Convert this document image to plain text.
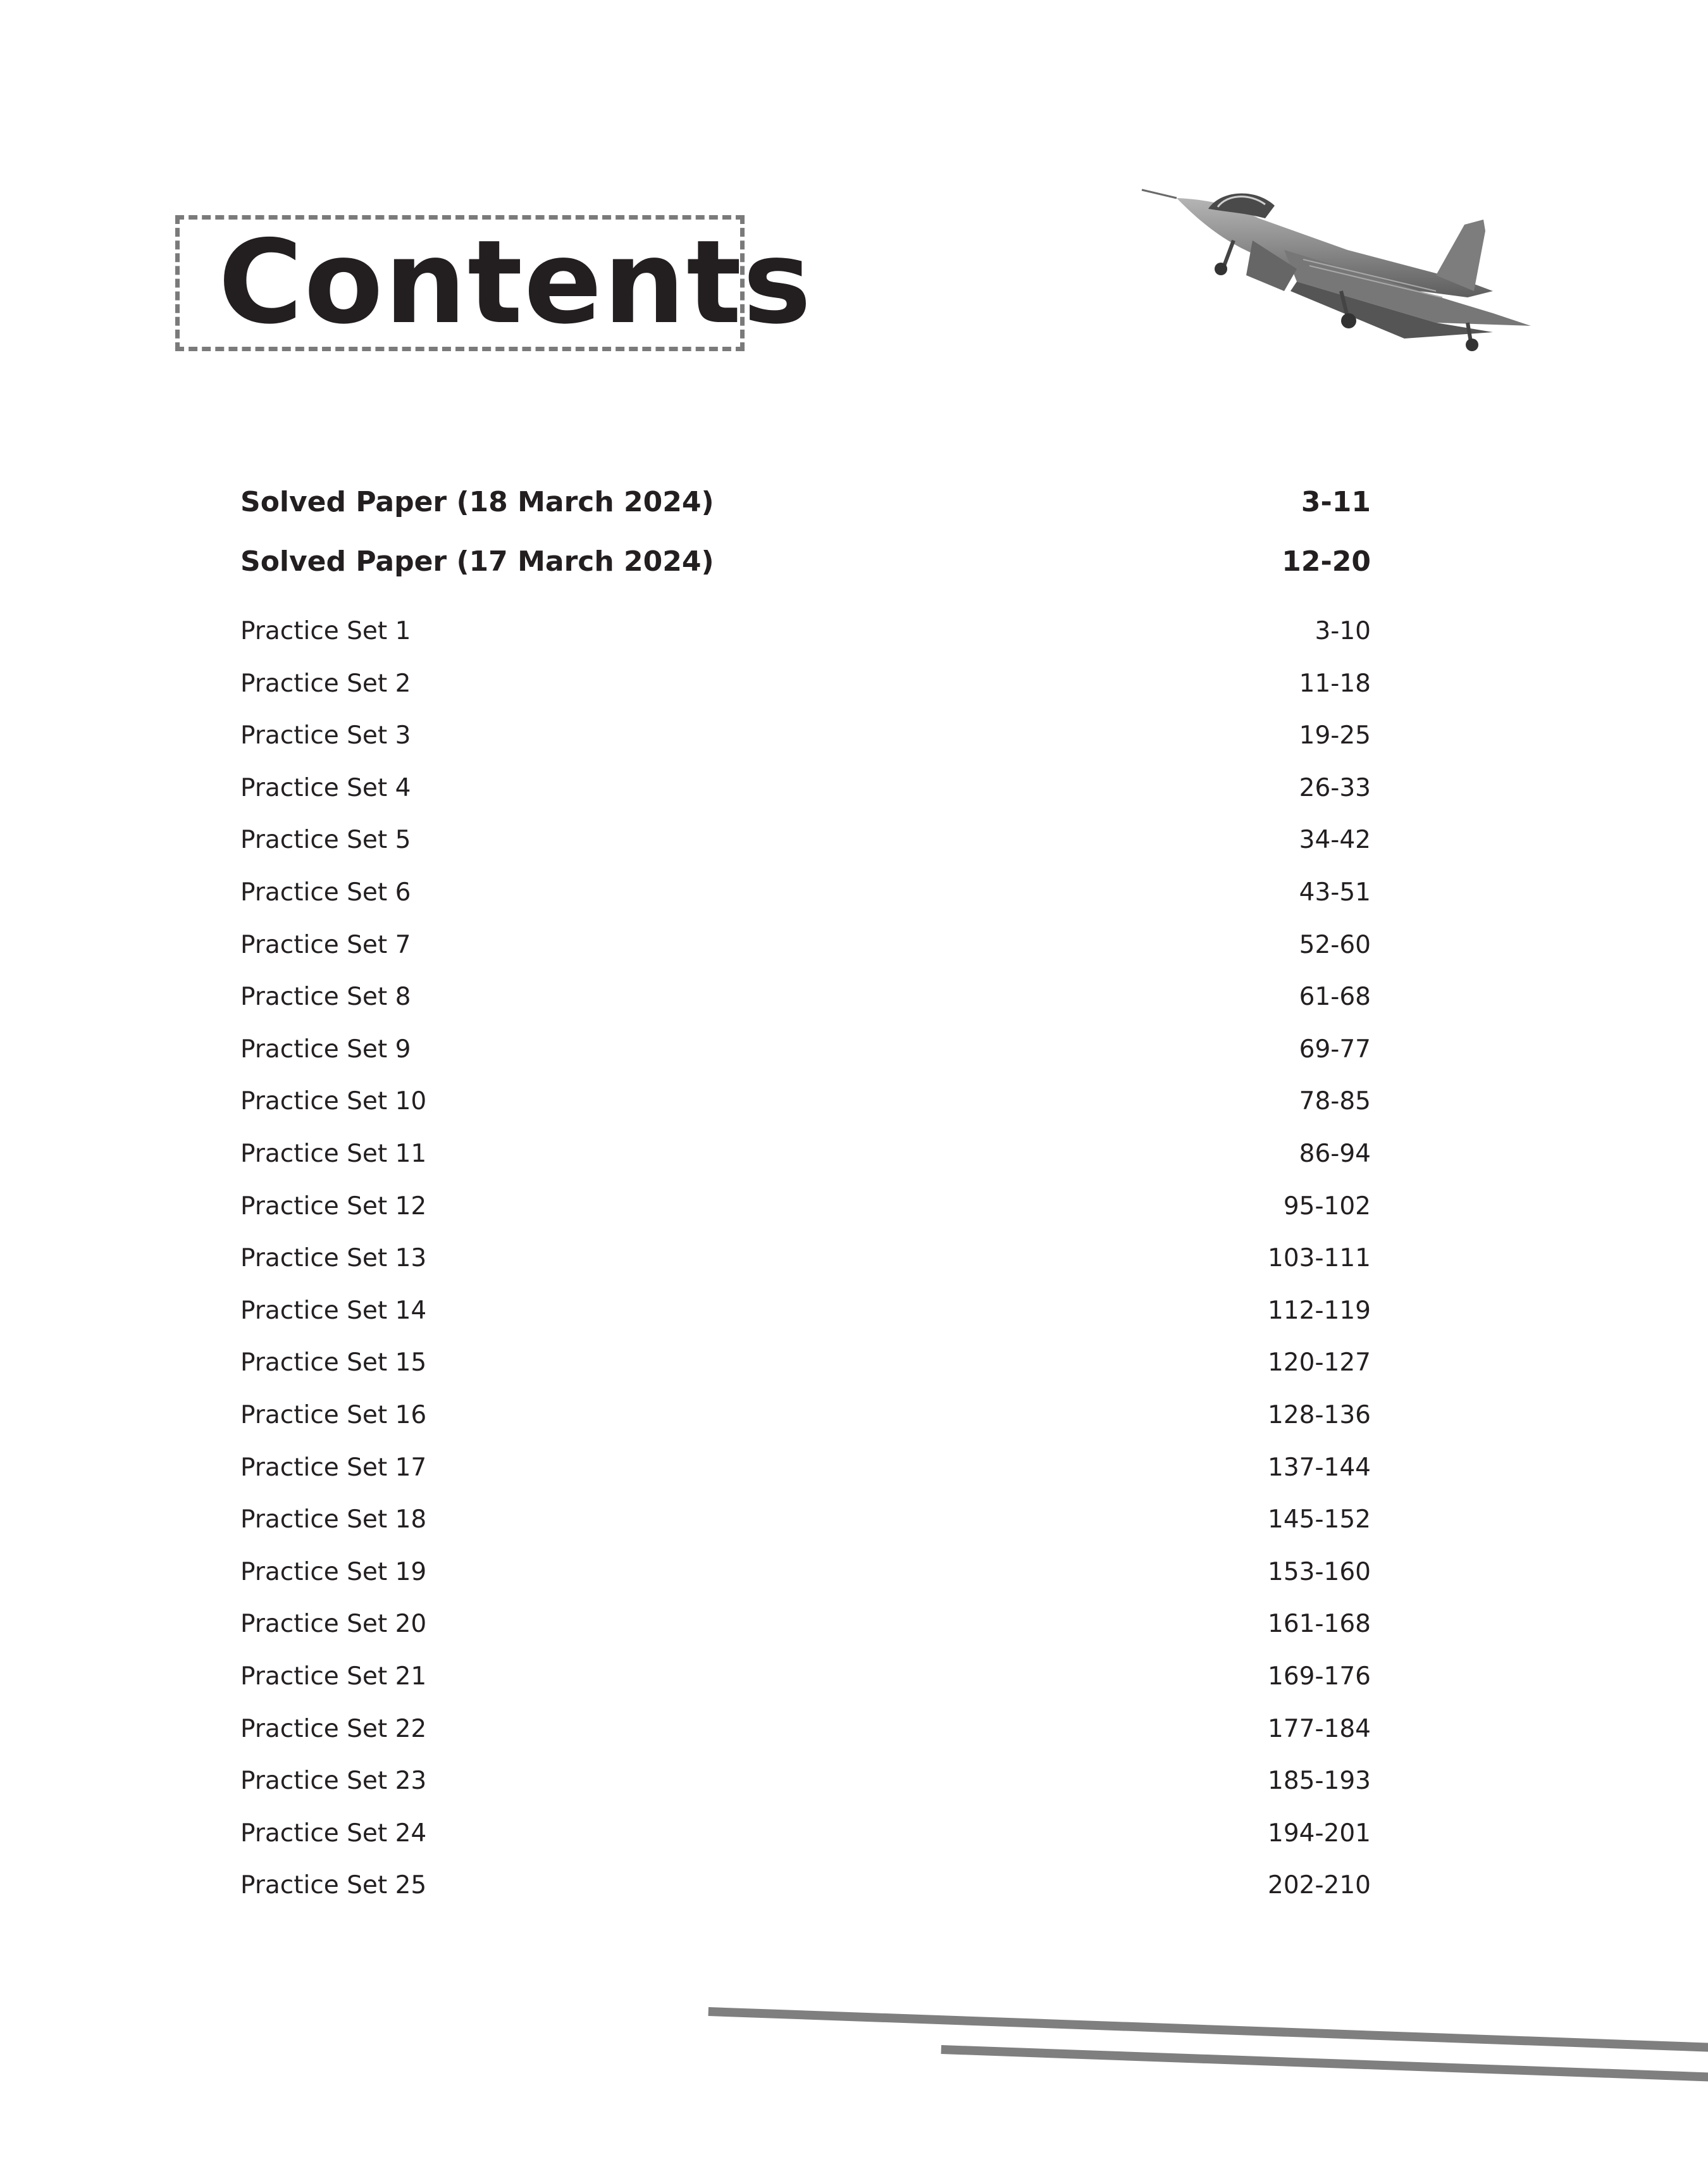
Contents
Solved Paper (18 March 2024)	3-11
Solved Paper (17 March 2024)	12-20
Practice Set 1	3-10
Practice Set 2	11-18
Practice Set 3	19-25
Practice Set 4	26-33
Practice Set 5	34-42
Practice Set 6	43-51
Practice Set 7	52-60
Practice Set 8	61-68
Practice Set 9	69-77
Practice Set 10	78-85
Practice Set 11	86-94
Practice Set 12	95-102
Practice Set 13	103-111
Practice Set 14	112-119
Practice Set 15	120-127
Practice Set 16	128-136
Practice Set 17	137-144
Practice Set 18	145-152
Practice Set 19	153-160
Practice Set 20	161-168
Practice Set 21	169-176
Practice Set 22	177-184
Practice Set 23	185-193
Practice Set 24	194-201
Practice Set 25	202-210
